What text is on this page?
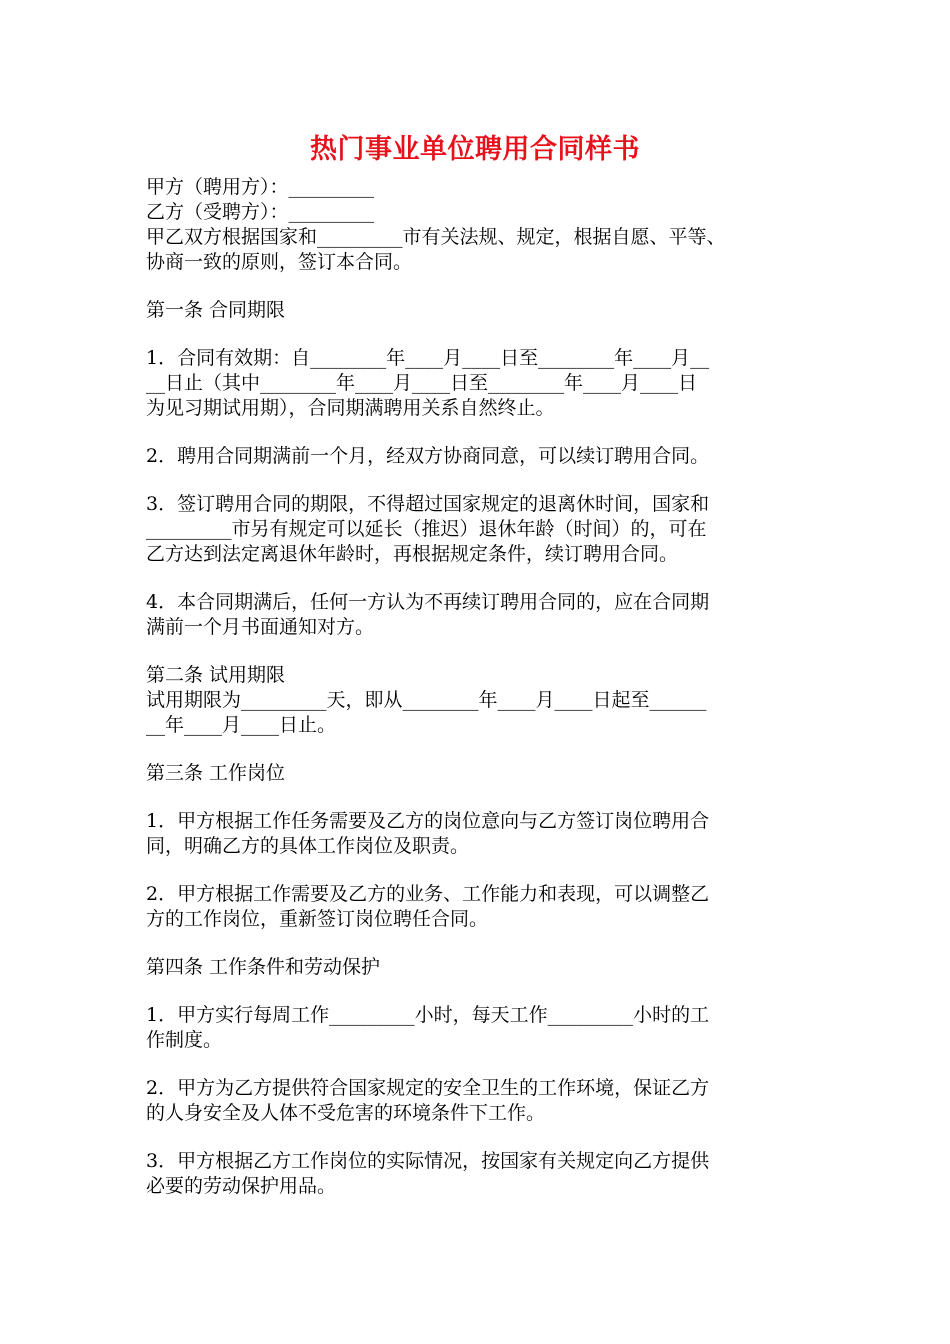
热门事业单位聘用合同样书
甲方（聘用方）：_________
乙方（受聘方）：_________
甲乙双方根据国家和_________市有关法规、规定，根据自愿、平等、
协商一致的原则，签订本合同。
第一条 合同期限
1．合同有效期：自________年____月____日至________年____月__
__日止（其中________年____月____日至________年____月____日
为见习期试用期），合同期满聘用关系自然终止。
2．聘用合同期满前一个月，经双方协商同意，可以续订聘用合同。
3．签订聘用合同的期限，不得超过国家规定的退离休时间，国家和
_________市另有规定可以延长（推迟）退休年龄（时间）的，可在
乙方达到法定离退休年龄时，再根据规定条件，续订聘用合同。
4．本合同期满后，任何一方认为不再续订聘用合同的，应在合同期
满前一个月书面通知对方。
第二条 试用期限
试用期限为_________天，即从________年____月____日起至______
__年____月____日止。
第三条 工作岗位
1．甲方根据工作任务需要及乙方的岗位意向与乙方签订岗位聘用合
同，明确乙方的具体工作岗位及职责。
2．甲方根据工作需要及乙方的业务、工作能力和表现，可以调整乙
方的工作岗位，重新签订岗位聘任合同。
第四条 工作条件和劳动保护
1．甲方实行每周工作_________小时，每天工作_________小时的工
作制度。
2．甲方为乙方提供符合国家规定的安全卫生的工作环境，保证乙方
的人身安全及人体不受危害的环境条件下工作。
3．甲方根据乙方工作岗位的实际情况，按国家有关规定向乙方提供
必要的劳动保护用品。
